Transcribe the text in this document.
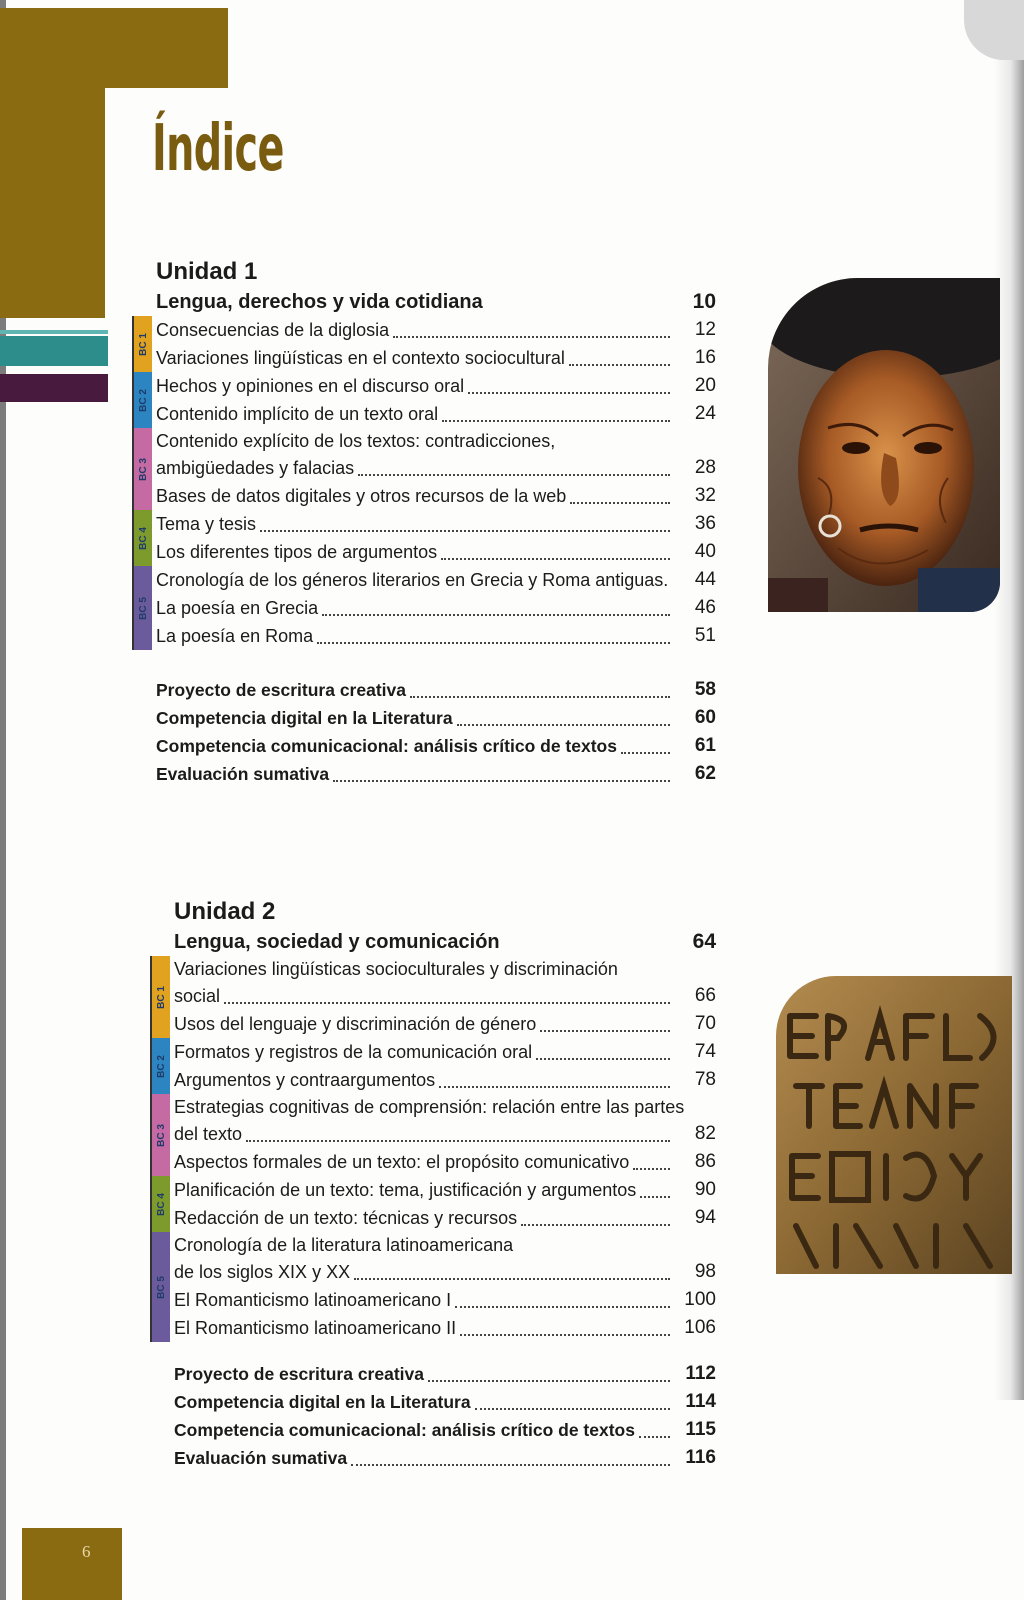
Índice
Unidad 1
Lengua, derechos y vida cotidiana	10
BC 1
BC 2
BC 3
BC 4
BC 5
Consecuencias de la diglosia	12
Variaciones lingüísticas en el contexto sociocultural	16
Hechos y opiniones en el discurso oral	20
Contenido implícito de un texto oral	24
Contenido explícito de los textos: contradicciones,
ambigüedades y falacias	28
Bases de datos digitales y otros recursos de la web	32
Tema y tesis	36
Los diferentes tipos de argumentos	40
Cronología de los géneros literarios en Grecia y Roma antiguas.	44
La poesía en Grecia	46
La poesía en Roma	51
Proyecto de escritura creativa	58
Competencia digital en la Literatura	60
Competencia comunicacional: análisis crítico de textos	61
Evaluación sumativa	62
Unidad 2
Lengua, sociedad y comunicación	64
BC 1
BC 2
BC 3
BC 4
BC 5
Variaciones lingüísticas socioculturales y discriminación
social	66
Usos del lenguaje y discriminación de género	70
Formatos y registros de la comunicación oral	74
Argumentos y contraargumentos	78
Estrategias cognitivas de comprensión: relación entre las partes
del texto	82
Aspectos formales de un texto: el propósito comunicativo	86
Planificación de un texto: tema, justificación y argumentos	90
Redacción de un texto: técnicas y recursos	94
Cronología de la literatura latinoamericana
de los siglos XIX y XX	98
El Romanticismo latinoamericano I	100
El Romanticismo latinoamericano II	106
Proyecto de escritura creativa	112
Competencia digital en la Literatura	114
Competencia comunicacional: análisis crítico de textos	115
Evaluación sumativa	116
6
